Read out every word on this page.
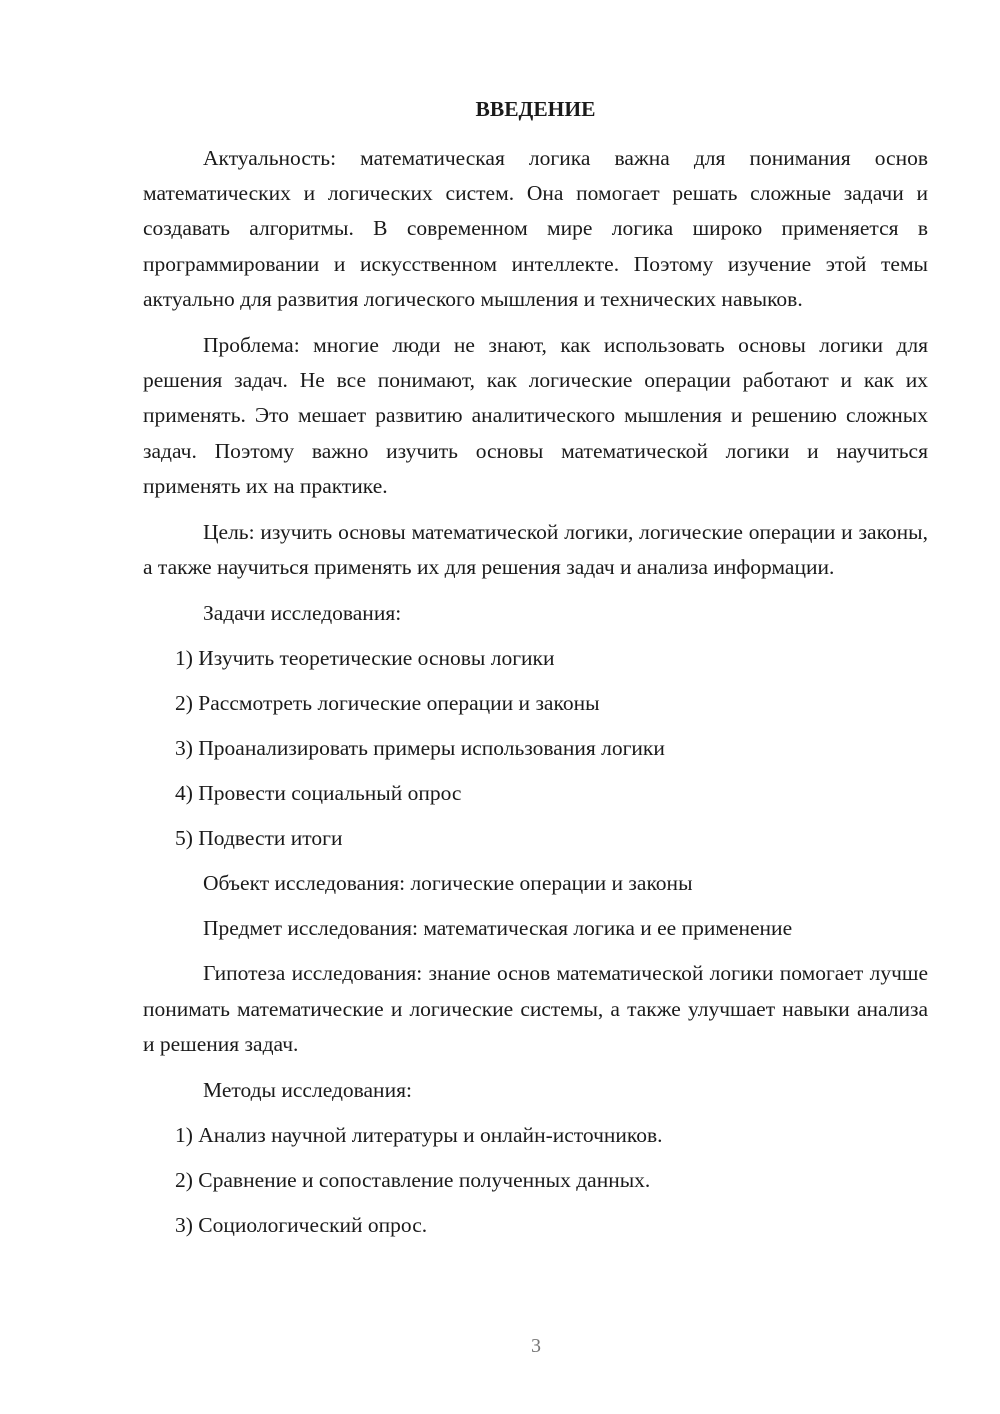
ВВЕДЕНИЕ

Актуальность: математическая логика важна для понимания основ математических и логических систем. Она помогает решать сложные задачи и создавать алгоритмы. В современном мире логика широко применяется в программировании и искусственном интеллекте. Поэтому изучение этой темы актуально для развития логического мышления и технических навыков.

Проблема: многие люди не знают, как использовать основы логики для решения задач. Не все понимают, как логические операции работают и как их применять. Это мешает развитию аналитического мышления и решению сложных задач. Поэтому важно изучить основы математической логики и научиться применять их на практике.

Цель: изучить основы математической логики, логические операции и законы, а также научиться применять их для решения задач и анализа информации.

Задачи исследования:
1) Изучить теоретические основы логики
2) Рассмотреть логические операции и законы
3) Проанализировать примеры использования логики
4) Провести социальный опрос
5) Подвести итоги
Объект исследования: логические операции и законы
Предмет исследования: математическая логика и ее применение

Гипотеза исследования: знание основ математической логики помогает лучше понимать математические и логические системы, а также улучшает навыки анализа и решения задач.

Методы исследования:
1) Анализ научной литературы и онлайн-источников.
2) Сравнение и сопоставление полученных данных.
3) Социологический опрос.
3
